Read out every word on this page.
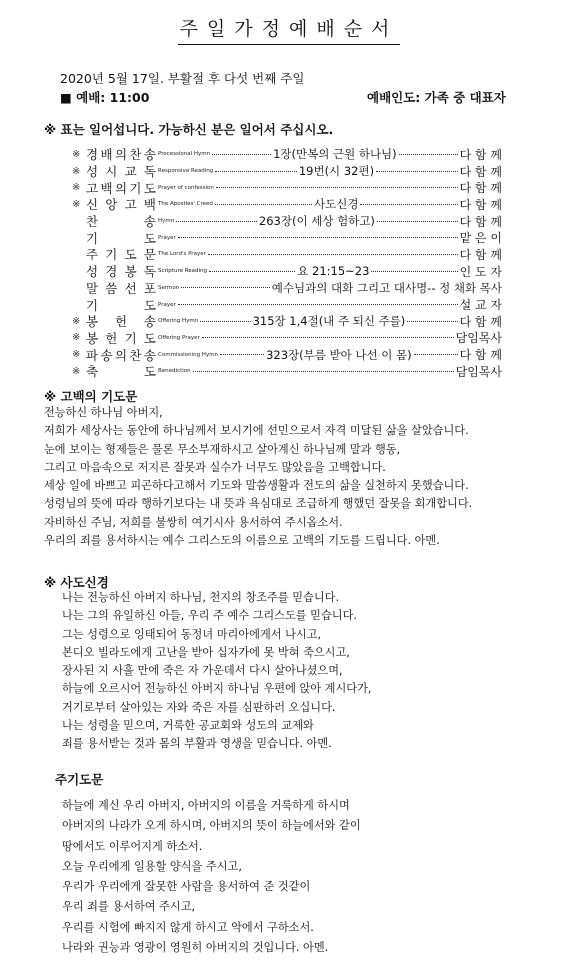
주일가정예배순서
2020년 5월 17일. 부활절 후 다섯 번째 주일
■ 예배: 11:00	예배인도: 가족 중 대표자
※ 표는 일어섭니다. 가능하신 분은 일어서 주십시오.
※ 경 배 의 찬 송 Processional Hymn	1장(만복의 근원 하나님)	다 함 께
※ 성 시 교 독 Responsive Reading	19번(시 32편)	다 함 께
※ 고 백 의 기 도 Prayer of confession	다 함 께
※ 신 앙 고 백 The Apostles' Creed	사도신경	다 함 께
찬	송 Hymn	263장(이 세상 험하고)	다 함 께
기	도 Prayer	맡 은 이
주 기 도 문 The Lord's Prayer	다 함 께
성 경 봉 독 Scripture Reading	요 21:15~23	인 도 자
말 씀 선 포 Sermon	예수님과의 대화 그리고 대사명-- 정 채화 목사
기	도 Prayer	설 교 자
※ 봉 헌 송 Offering Hymn	315장 1,4절(내 주 되신 주를)	다 함 께
※ 봉 헌 기 도 Offering Prayer	담임목사
※ 파 송 의 찬 송 Commissioning Hymn	323장(부름 받아 나선 이 몸)	다 함 께
※ 축	도 Benediction	담임목사
※ 고백의 기도문
전능하신 하나님 아버지,
저희가 세상사는 동안에 하나님께서 보시기에 선민으로서 자격 미달된 삶을 살았습니다.
눈에 보이는 형제들은 물론 무소부재하시고 살아계신 하나님께 말과 행동,
그리고 마음속으로 저지른 잘못과 실수가 너무도 많았음을 고백합니다.
세상 일에 바쁘고 피곤하다고해서 기도와 말씀생활과 전도의 삶을 실천하지 못했습니다.
성령님의 뜻에 따라 행하기보다는 내 뜻과 욕심대로 조급하게 행했던 잘못을 회개합니다.
자비하신 주님, 저희를 불쌍히 여기시사 용서하여 주시옵소서.
우리의 죄를 용서하시는 예수 그리스도의 이름으로 고백의 기도를 드립니다. 아멘.
※ 사도신경
나는 전능하신 아버지 하나님, 천지의 창조주를 믿습니다.
나는 그의 유일하신 아들, 우리 주 예수 그리스도를 믿습니다.
그는 성령으로 잉태되어 동정녀 마리아에게서 나시고,
본디오 빌라도에게 고난을 받아 십자가에 못 박혀 죽으시고,
장사된 지 사흘 만에 죽은 자 가운데서 다시 살아나셨으며,
하늘에 오르시어 전능하신 아버지 하나님 우편에 앉아 계시다가,
거기로부터 살아있는 자와 죽은 자를 심판하러 오십니다.
나는 성령을 믿으며, 거룩한 공교회와 성도의 교제와
죄를 용서받는 것과 몸의 부활과 영생을 믿습니다. 아멘.
주기도문
하늘에 계신 우리 아버지, 아버지의 이름을 거룩하게 하시며
아버지의 나라가 오게 하시며, 아버지의 뜻이 하늘에서와 같이
땅에서도 이루어지게 하소서.
오늘 우리에게 일용할 양식을 주시고,
우리가 우리에게 잘못한 사람을 용서하여 준 것같이
우리 죄를 용서하여 주시고,
우리를 시험에 빠지지 않게 하시고 악에서 구하소서.
나라와 권능과 영광이 영원히 아버지의 것입니다. 아멘.
